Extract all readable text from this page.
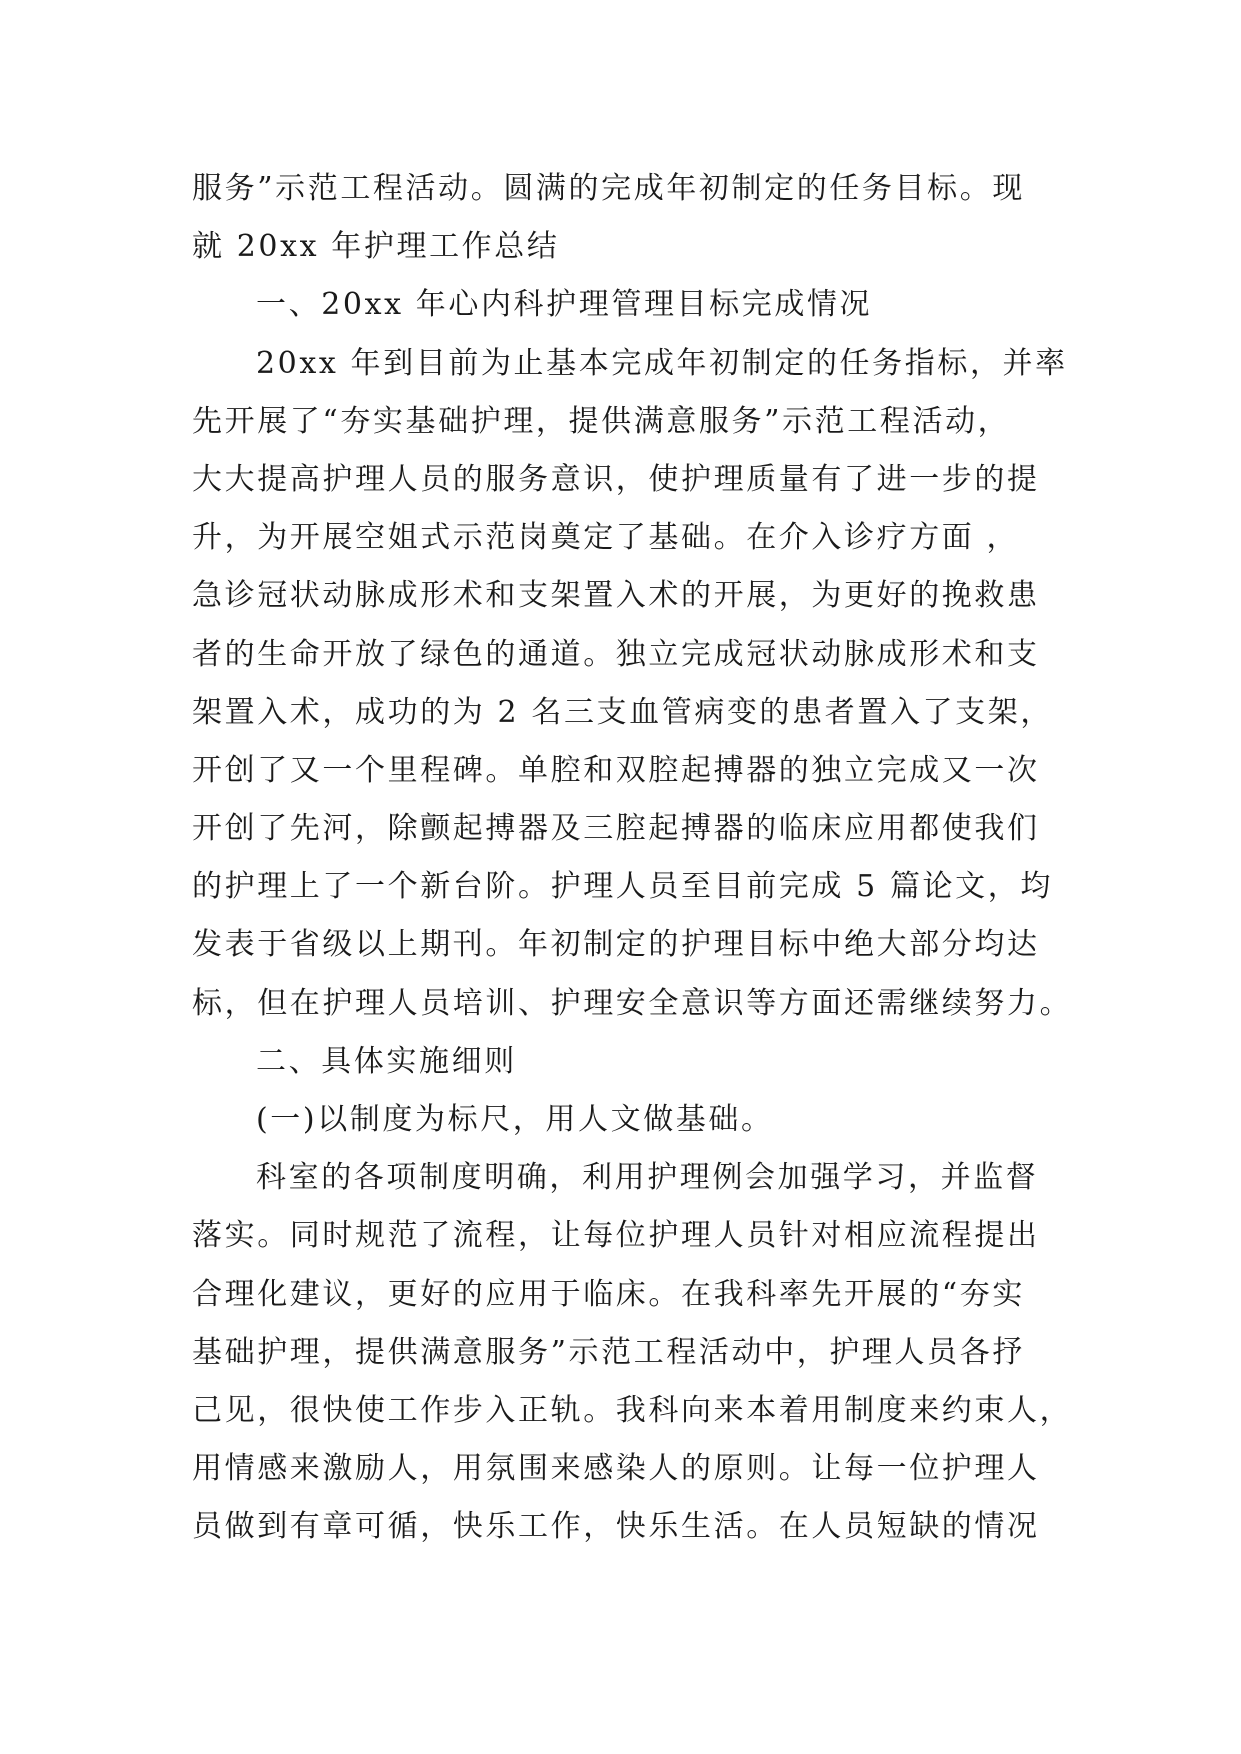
服务”示范工程活动。圆满的完成年初制定的任务目标。现
就 20xx 年护理工作总结
一、20xx 年心内科护理管理目标完成情况
20xx 年到目前为止基本完成年初制定的任务指标，并率
先开展了“夯实基础护理，提供满意服务”示范工程活动，
大大提高护理人员的服务意识，使护理质量有了进一步的提
升，为开展空姐式示范岗奠定了基础。在介入诊疗方面 ，
急诊冠状动脉成形术和支架置入术的开展，为更好的挽救患
者的生命开放了绿色的通道。独立完成冠状动脉成形术和支
架置入术，成功的为 2 名三支血管病变的患者置入了支架，
开创了又一个里程碑。单腔和双腔起搏器的独立完成又一次
开创了先河，除颤起搏器及三腔起搏器的临床应用都使我们
的护理上了一个新台阶。护理人员至目前完成 5 篇论文，均
发表于省级以上期刊。年初制定的护理目标中绝大部分均达
标，但在护理人员培训、护理安全意识等方面还需继续努力。
二、具体实施细则
(一)以制度为标尺，用人文做基础。
科室的各项制度明确，利用护理例会加强学习，并监督
落实。同时规范了流程，让每位护理人员针对相应流程提出
合理化建议，更好的应用于临床。在我科率先开展的“夯实
基础护理，提供满意服务”示范工程活动中，护理人员各抒
己见，很快使工作步入正轨。我科向来本着用制度来约束人，
用情感来激励人，用氛围来感染人的原则。让每一位护理人
员做到有章可循，快乐工作，快乐生活。在人员短缺的情况
